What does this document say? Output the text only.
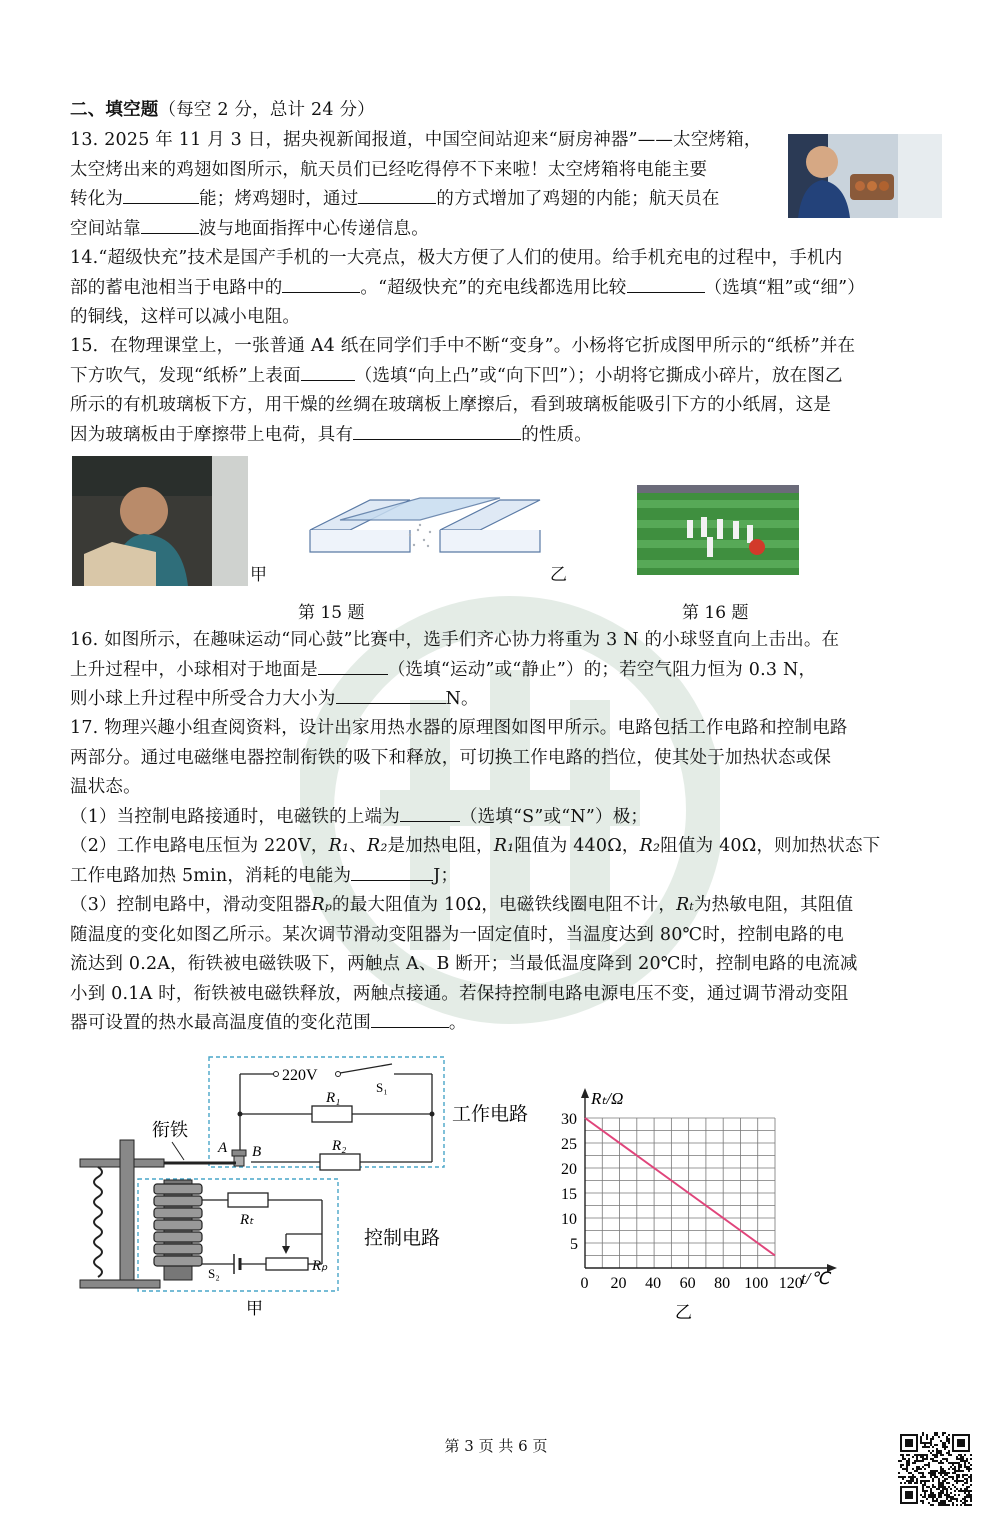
二、填空题（每空 2 分，总计 24 分）
13. 2025 年 11 月 3 日，据央视新闻报道，中国空间站迎来“厨房神器”——太空烤箱，
太空烤出来的鸡翅如图所示，航天员们已经吃得停不下来啦！太空烤箱将电能主要
转化为	能；烤鸡翅时，通过	的方式增加了鸡翅的内能；航天员在
空间站靠	波与地面指挥中心传递信息。
14.“超级快充”技术是国产手机的一大亮点，极大方便了人们的使用。给手机充电的过程中，手机内
部的蓄电池相当于电路中的	。“超级快充”的充电线都选用比较	（选填“粗”或“细”）
的铜线，这样可以减小电阻。
15．在物理课堂上，一张普通 A4 纸在同学们手中不断“变身”。小杨将它折成图甲所示的“纸桥”并在
下方吹气，发现“纸桥”上表面	（选填“向上凸”或“向下凹”）；小胡将它撕成小碎片，放在图乙
所示的有机玻璃板下方，用干燥的丝绸在玻璃板上摩擦后，看到玻璃板能吸引下方的小纸屑，这是
因为玻璃板由于摩擦带上电荷，具有	的性质。
甲	乙
第 15 题	第 16 题
16. 如图所示，在趣味运动“同心鼓”比赛中，选手们齐心协力将重为 3 N 的小球竖直向上击出。在
上升过程中，小球相对于地面是	（选填“运动”或“静止”）的；若空气阻力恒为 0.3 N，
则小球上升过程中所受合力大小为	N。
17. 物理兴趣小组查阅资料，设计出家用热水器的原理图如图甲所示。电路包括工作电路和控制电路
两部分。通过电磁继电器控制衔铁的吸下和释放，可切换工作电路的挡位，使其处于加热状态或保
温状态。
（1）当控制电路接通时，电磁铁的上端为	（选填“S”或“N”）极；
（2）工作电路电压恒为 220V，R₁、R₂是加热电阻，R₁阻值为 440Ω，R₂阻值为 40Ω，则加热状态下
工作电路加热 5min，消耗的电能为	J；
（3）控制电路中，滑动变阻器Rₚ的最大阻值为 10Ω，电磁铁线圈电阻不计，Rₜ为热敏电阻，其阻值
随温度的变化如图乙所示。某次调节滑动变阻器为一固定值时，当温度达到 80℃时，控制电路的电
流达到 0.2A，衔铁被电磁铁吸下，两触点 A、B 断开；当最低温度降到 20℃时，控制电路的电流减
小到 0.1A 时，衔铁被电磁铁释放，两触点接通。若保持控制电路电源电压不变，通过调节滑动变阻
器可设置的热水最高温度值的变化范围	。
220V
S₁
R₁
R₂
工作电路
A B
衔铁
Rₜ
Rₚ
S₂
控制电路
甲
0 20 40 60 80 100 120
5
10
15
20
25
30
Rₜ/Ω
t/℃
乙
第 3 页 共 6 页
